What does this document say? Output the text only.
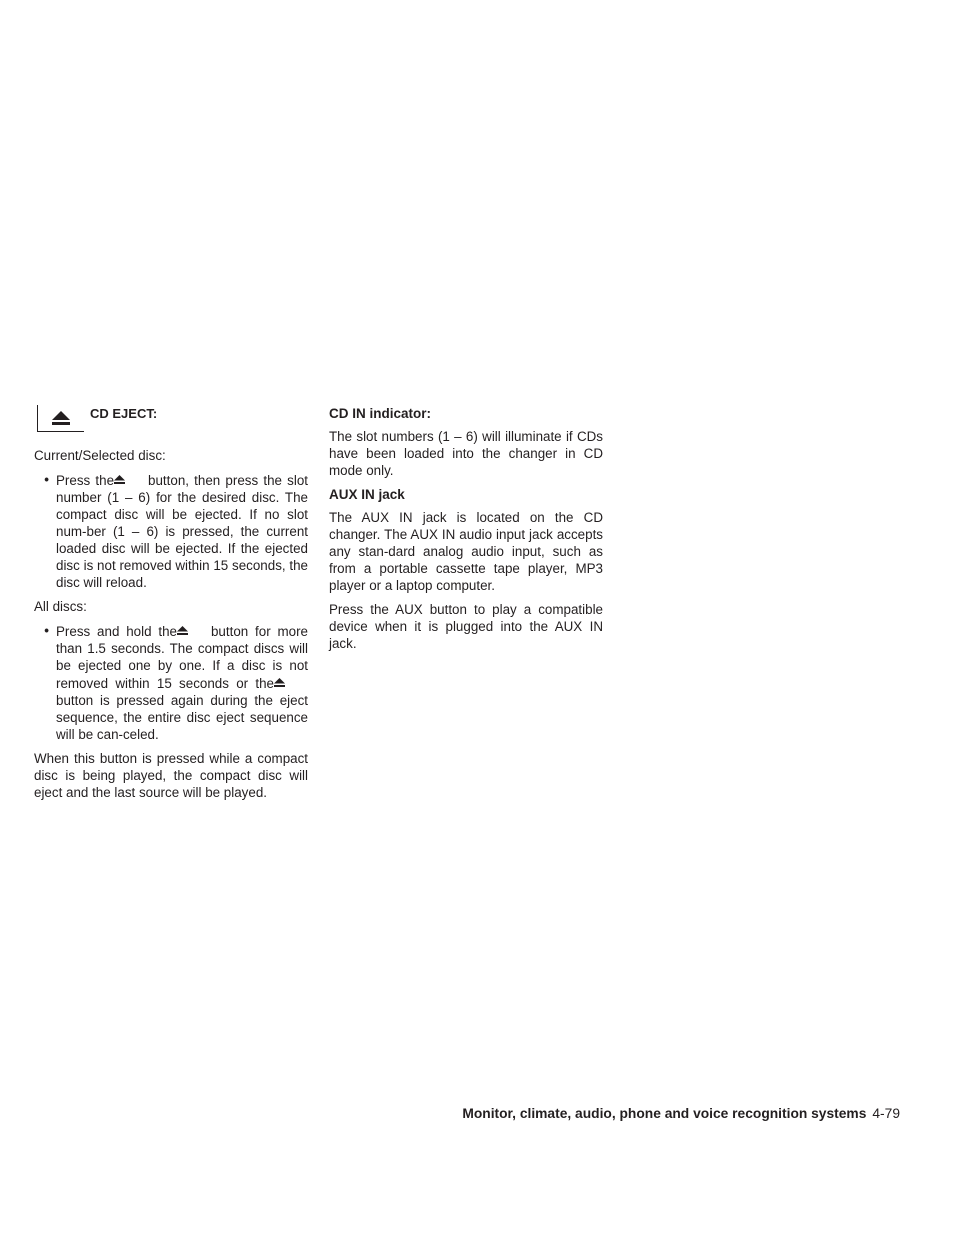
CD EJECT:

Current/Selected disc:

• Press the	button, then press the slot number (1 – 6) for the desired disc. The compact disc will be ejected. If no slot num-ber (1 – 6) is pressed, the current loaded disc will be ejected. If the ejected disc is not removed within 15 seconds, the disc will reload.

All discs:

• Press and hold the	button for more than 1.5 seconds. The compact discs will be ejected one by one. If a disc is not removed within 15 seconds or thebutton is pressed again during the eject sequence, the entire disc eject sequence will be can-celed.

When this button is pressed while a compact disc is being played, the compact disc will eject and the last source will be played.

CD IN indicator:

The slot numbers (1 – 6) will illuminate if CDs have been loaded into the changer in CD mode only.

AUX IN jack

The AUX IN jack is located on the CD changer. The AUX IN audio input jack accepts any stan-dard analog audio input, such as from a portable cassette tape player, MP3 player or a laptop computer.

Press the AUX button to play a compatible device when it is plugged into the AUX IN jack.

Monitor, climate, audio, phone and voice recognition systems 4-79
